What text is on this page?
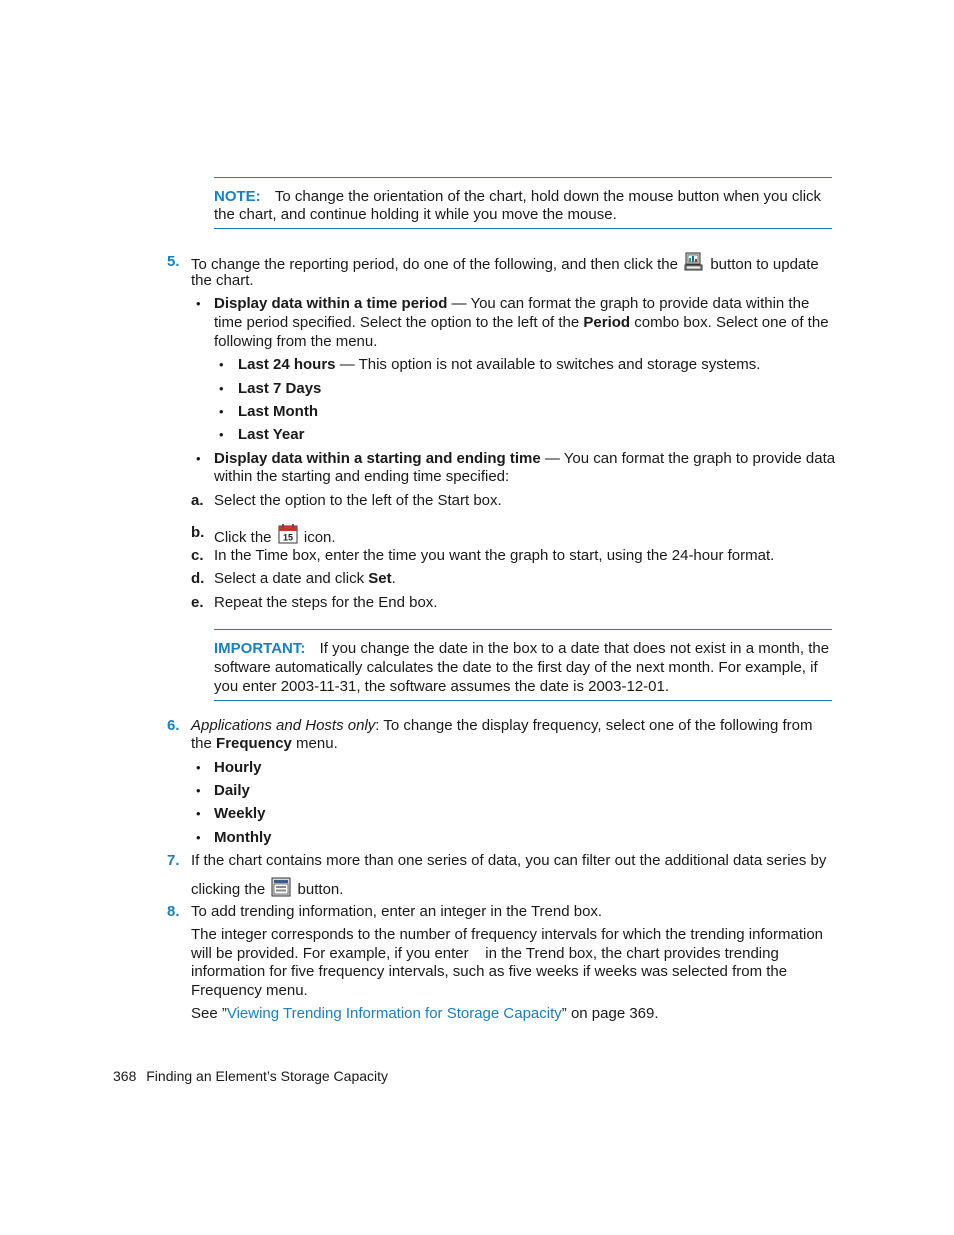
NOTE: To change the orientation of the chart, hold down the mouse button when you click
the chart, and continue holding it while you move the mouse.
5. To change the reporting period, do one of the following, and then click the button to update
the chart.
• Display data within a time period — You can format the graph to provide data within the
time period specified. Select the option to the left of the Period combo box. Select one of the
following from the menu.
• Last 24 hours — This option is not available to switches and storage systems.
• Last 7 Days
• Last Month
• Last Year
• Display data within a starting and ending time — You can format the graph to provide data
within the starting and ending time specified:
a. Select the option to the left of the Start box.
b. Click the 15 icon.
c. In the Time box, enter the time you want the graph to start, using the 24-hour format.
d. Select a date and click Set.
e. Repeat the steps for the End box.
IMPORTANT: If you change the date in the box to a date that does not exist in a month, the
software automatically calculates the date to the first day of the next month. For example, if
you enter 2003-11-31, the software assumes the date is 2003-12-01.
6. Applications and Hosts only: To change the display frequency, select one of the following from
the Frequency menu.
• Hourly
• Daily
• Weekly
• Monthly
7. If the chart contains more than one series of data, you can filter out the additional data series by
clicking the button.
8. To add trending information, enter an integer in the Trend box.
The integer corresponds to the number of frequency intervals for which the trending information
will be provided. For example, if you enter    in the Trend box, the chart provides trending
information for five frequency intervals, such as five weeks if weeks was selected from the
Frequency menu.
See ”Viewing Trending Information for Storage Capacity” on page 369.
368 Finding an Element’s Storage Capacity
